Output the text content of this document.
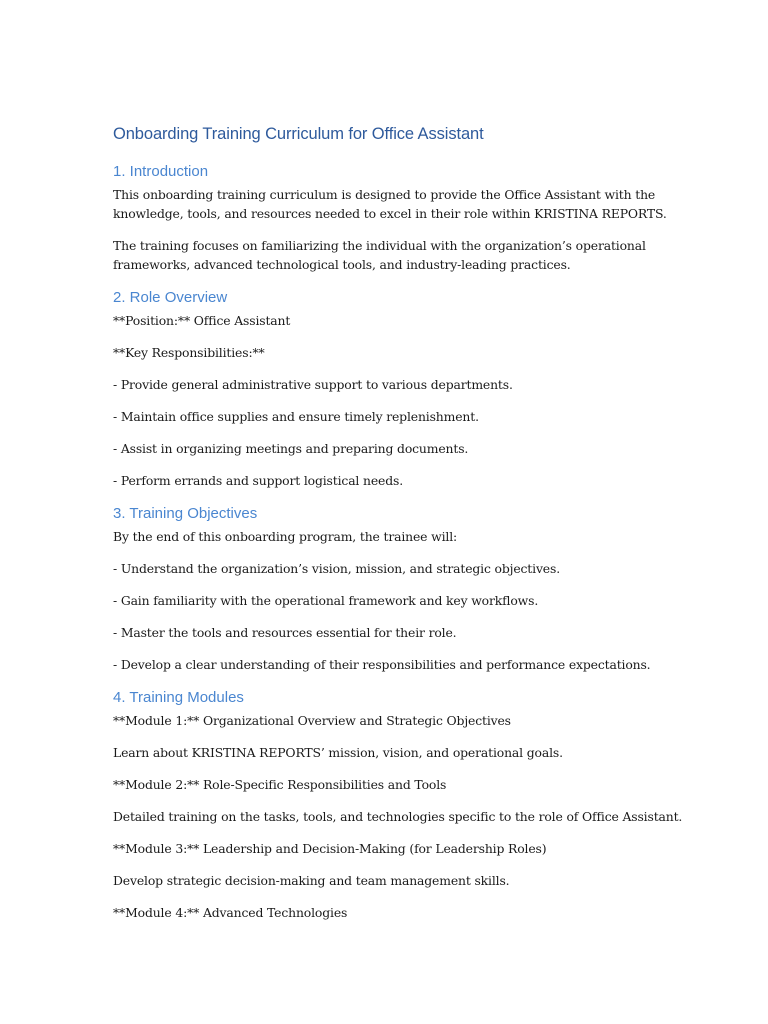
Onboarding Training Curriculum for Office Assistant
1. Introduction

This onboarding training curriculum is designed to provide the Office Assistant with the

knowledge, tools, and resources needed to excel in their role within KRISTINA REPORTS.

The training focuses on familiarizing the individual with the organization’s operational

frameworks, advanced technological tools, and industry-leading practices.

2. Role Overview

**Position:** Office Assistant

**Key Responsibilities:**

- Provide general administrative support to various departments.

- Maintain office supplies and ensure timely replenishment.

- Assist in organizing meetings and preparing documents.

- Perform errands and support logistical needs.

3. Training Objectives

By the end of this onboarding program, the trainee will:

- Understand the organization’s vision, mission, and strategic objectives.

- Gain familiarity with the operational framework and key workflows.

- Master the tools and resources essential for their role.

- Develop a clear understanding of their responsibilities and performance expectations.

4. Training Modules

**Module 1:** Organizational Overview and Strategic Objectives

Learn about KRISTINA REPORTS’ mission, vision, and operational goals.

**Module 2:** Role-Specific Responsibilities and Tools

Detailed training on the tasks, tools, and technologies specific to the role of Office Assistant.

**Module 3:** Leadership and Decision-Making (for Leadership Roles)

Develop strategic decision-making and team management skills.

**Module 4:** Advanced Technologies
